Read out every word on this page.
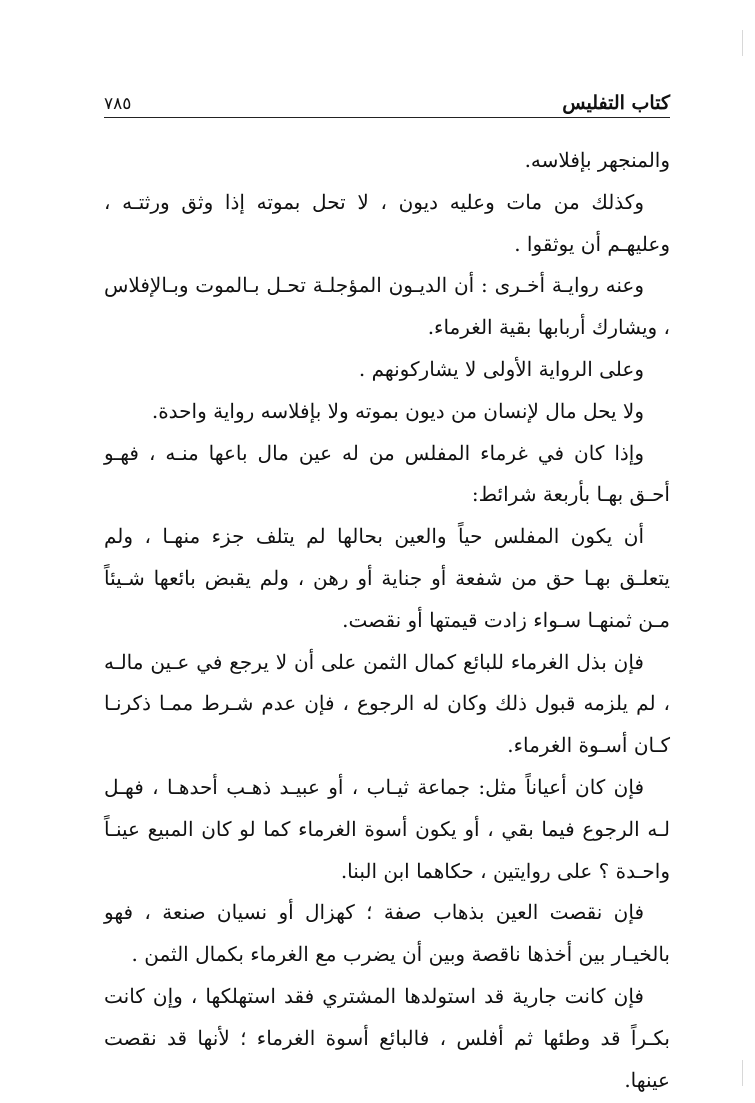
كتاب التفليس
٧٨٥

والمنجهر بإفلاسه.

وكذلك من مات وعليه ديون ، لا تحل بموته إذا وثق ورثتـه ، وعليهـم أن يوثقوا .

وعنه روايـة أخـرى : أن الديـون المؤجلـة تحـل بـالموت وبـالإفلاس ، ويشارك أربابها بقية الغرماء.

وعلى الرواية الأولى لا يشاركونهم .

ولا يحل مال لإنسان من ديون بموته ولا بإفلاسه رواية واحدة.

وإذا كان في غرماء المفلس من له عين مال باعها منـه ، فهـو أحـق بهـا بأربعة شرائط:

أن يكون المفلس حياً والعين بحالها لم يتلف جزء منهـا ، ولم يتعلـق بهـا حق من شفعة أو جناية أو رهن ، ولم يقبض بائعها شـيئاً مـن ثمنهـا سـواء زادت قيمتها أو نقصت.

فإن بذل الغرماء للبائع كمال الثمن على أن لا يرجع في عـين مالـه ، لم يلزمه قبول ذلك وكان له الرجوع ، فإن عدم شـرط ممـا ذكرنـا كـان أسـوة الغرماء.

فإن كان أعياناً مثل: جماعة ثيـاب ، أو عبيـد ذهـب أحدهـا ، فهـل لـه الرجوع فيما بقي ، أو يكون أسوة الغرماء كما لو كان المبيع عينـاً واحـدة ؟ على روايتين ، حكاهما ابن البنا.

فإن نقصت العين بذهاب صفة ؛ كهزال أو نسيان صنعة ، فهو بالخيـار بين أخذها ناقصة وبين أن يضرب مع الغرماء بكمال الثمن .

فإن كانت جارية قد استولدها المشتري فقد استهلكها ، وإن كانت بكـراً قد وطئها ثم أفلس ، فالبائع أسوة الغرماء ؛ لأنها قد نقصت عينها.
